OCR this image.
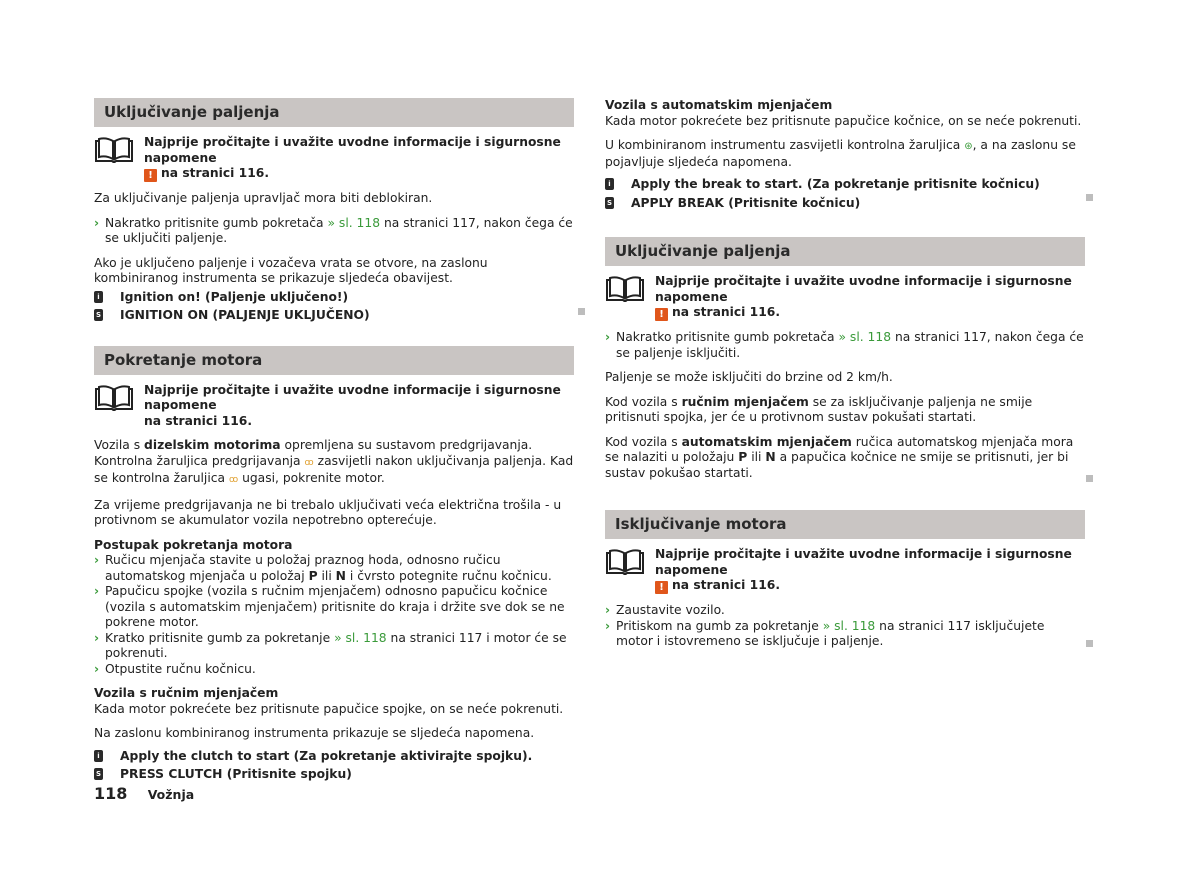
Uključivanje paljenja
Najprije pročitajte i uvažite uvodne informacije i sigurnosne napomene
! na stranici 116.

Za uključivanje paljenja upravljač mora biti deblokiran.

› Nakratko pritisnite gumb pokretača » sl. 118 na stranici 117, nakon čega će se uključiti paljenje.

Ako je uključeno paljenje i vozačeva vrata se otvore, na zaslonu kombiniranog instrumenta se prikazuje sljedeća obavijest.

i Ignition on! (Paljenje uključeno!)
S IGNITION ON (PALJENJE UKLJUČENO)
Pokretanje motora
Najprije pročitajte i uvažite uvodne informacije i sigurnosne napomene
na stranici 116.

Vozila s dizelskim motorima opremljena su sustavom predgrijavanja. Kontrolna žaruljica predgrijavanja ꝏ zasvijetli nakon uključivanja paljenja. Kad se kontrolna žaruljica ꝏ ugasi, pokrenite motor.

Za vrijeme predgrijavanja ne bi trebalo uključivati veća električna trošila - u protivnom se akumulator vozila nepotrebno opterećuje.

Postupak pokretanja motora
› Ručicu mjenjača stavite u položaj praznog hoda, odnosno ručicu automatskog mjenjača u položaj P ili N i čvrsto potegnite ručnu kočnicu.
› Papučicu spojke (vozila s ručnim mjenjačem) odnosno papučicu kočnice (vozila s automatskim mjenjačem) pritisnite do kraja i držite sve dok se ne pokrene motor.
› Kratko pritisnite gumb za pokretanje » sl. 118 na stranici 117 i motor će se pokrenuti.
› Otpustite ručnu kočnicu.
Vozila s ručnim mjenjačem

Kada motor pokrećete bez pritisnute papučice spojke, on se neće pokrenuti.

Na zaslonu kombiniranog instrumenta prikazuje se sljedeća napomena.

i Apply the clutch to start (Za pokretanje aktivirajte spojku).
S PRESS CLUTCH (Pritisnite spojku)
Vozila s automatskim mjenjačem

Kada motor pokrećete bez pritisnute papučice kočnice, on se neće pokrenuti.

U kombiniranom instrumentu zasvijetli kontrolna žaruljica ⊛, a na zaslonu se pojavljuje sljedeća napomena.

i Apply the break to start. (Za pokretanje pritisnite kočnicu)
S APPLY BREAK (Pritisnite kočnicu)
Uključivanje paljenja
Najprije pročitajte i uvažite uvodne informacije i sigurnosne napomene
! na stranici 116.
› Nakratko pritisnite gumb pokretača » sl. 118 na stranici 117, nakon čega će se paljenje isključiti.

Paljenje se može isključiti do brzine od 2 km/h.

Kod vozila s ručnim mjenjačem se za isključivanje paljenja ne smije pritisnuti spojka, jer će u protivnom sustav pokušati startati.

Kod vozila s automatskim mjenjačem ručica automatskog mjenjača mora se nalaziti u položaju P ili N a papučica kočnice ne smije se pritisnuti, jer bi sustav pokušao startati.

Isključivanje motora
Najprije pročitajte i uvažite uvodne informacije i sigurnosne napomene
! na stranici 116.
› Zaustavite vozilo.
› Pritiskom na gumb za pokretanje » sl. 118 na stranici 117 isključujete motor i istovremeno se isključuje i paljenje.
118 Vožnja
